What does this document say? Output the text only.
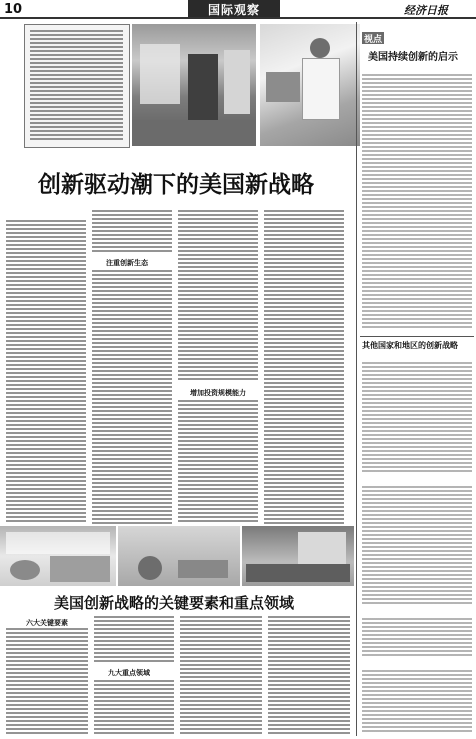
10	国际观察	经济日报
创新驱动潮下的美国新战略
注重创新生态
增加投资规模能力
美国创新战略的关键要素和重点领域
六大关键要素
九大重点领域
视点
美国持续创新的启示
其他国家和地区的创新战略
